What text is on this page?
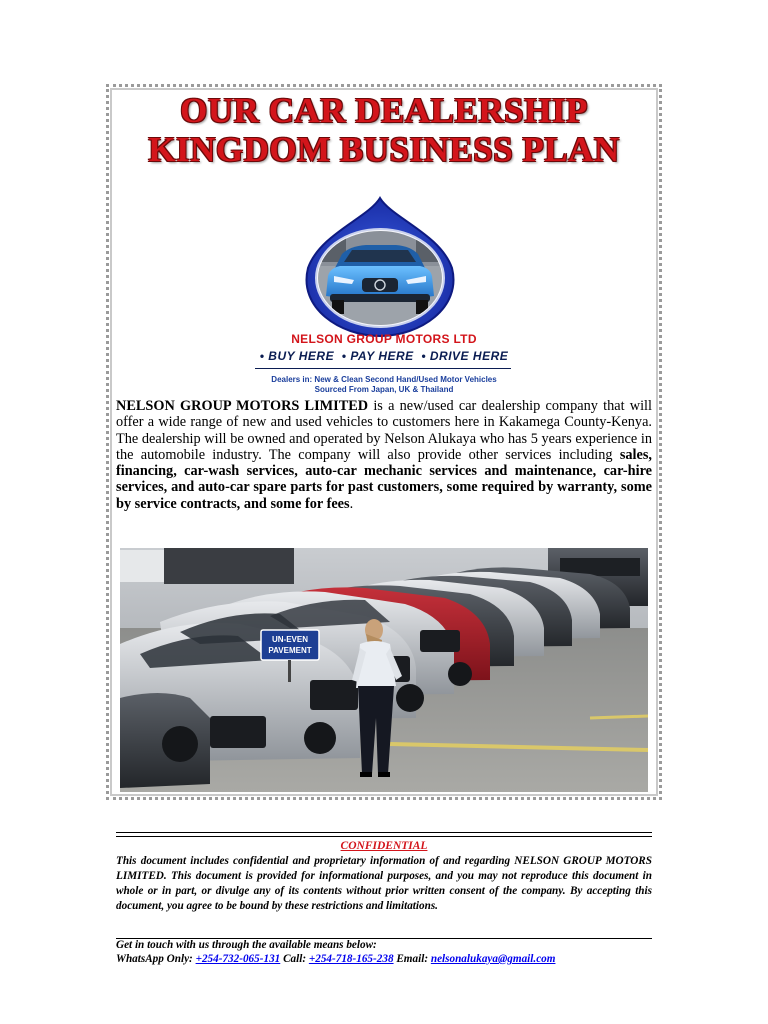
OUR CAR DEALERSHIP
KINGDOM BUSINESS PLAN
NELSON GROUP MOTORS LTD
• BUY HERE • PAY HERE • DRIVE HERE
Dealers in: New & Clean Second Hand/Used Motor Vehicles
Sourced From Japan, UK & Thailand

NELSON GROUP MOTORS LIMITED is a new/used car dealership company that will offer a wide range of new and used vehicles to customers here in Kakamega County-Kenya. The dealership will be owned and operated by Nelson Alukaya who has 5 years experience in the automobile industry. The company will also provide other services including sales, financing, car-wash services, auto-car mechanic services and maintenance, car-hire services, and auto-car spare parts for past customers, some required by warranty, some by service contracts, and some for fees.

UN-EVEN
PAVEMENT
CONFIDENTIAL

This document includes confidential and proprietary information of and regarding NELSON GROUP MOTORS LIMITED. This document is provided for informational purposes, and you may not reproduce this document in whole or in part, or divulge any of its contents without prior written consent of the company. By accepting this document, you agree to be bound by these restrictions and limitations.

Get in touch with us through the available means below:
WhatsApp Only: +254-732-065-131 Call: +254-718-165-238 Email: nelsonalukaya@gmail.com
